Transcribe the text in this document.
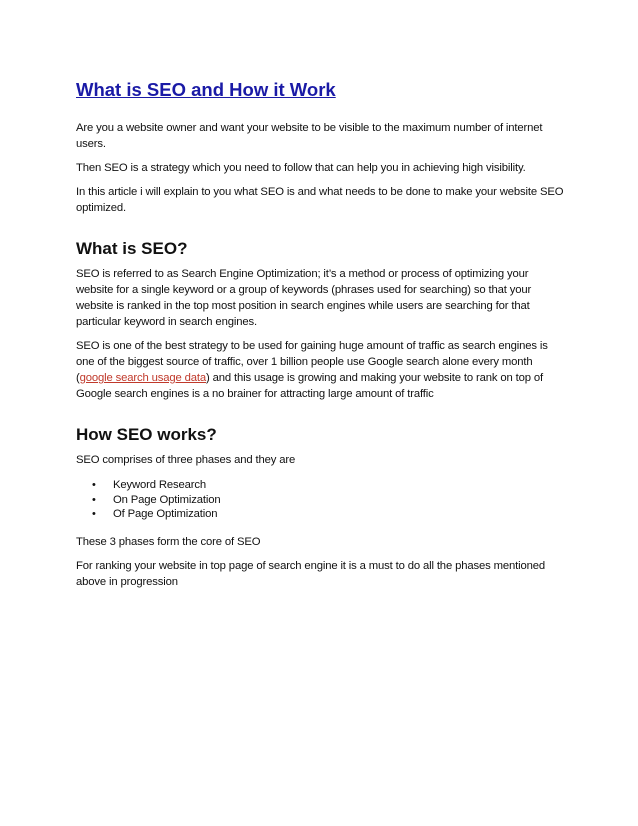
What is SEO and How it Work

Are you a website owner and want your website to be visible to the maximum number of internet users.

Then SEO is a strategy which you need to follow that can help you in achieving high visibility.

In this article i will explain to you what SEO is and what needs to be done to make your website SEO optimized.

What is SEO?

SEO is referred to as Search Engine Optimization; it’s a method or process of optimizing your website for a single keyword or a group of keywords (phrases used for searching) so that your website is ranked in the top most position in search engines while users are searching for that particular keyword in search engines.

SEO is one of the best strategy to be used for gaining huge amount of traffic as search engines is one of the biggest source of traffic, over 1 billion people use Google search alone every month (google search usage data) and this usage is growing and making your website to rank on top of Google search engines is a no brainer for attracting large amount of traffic

How SEO works?

SEO comprises of three phases and they are

• Keyword Research
• On Page Optimization
• Of Page Optimization

These 3 phases form the core of SEO

For ranking your website in top page of search engine it is a must to do all the phases mentioned above in progression
